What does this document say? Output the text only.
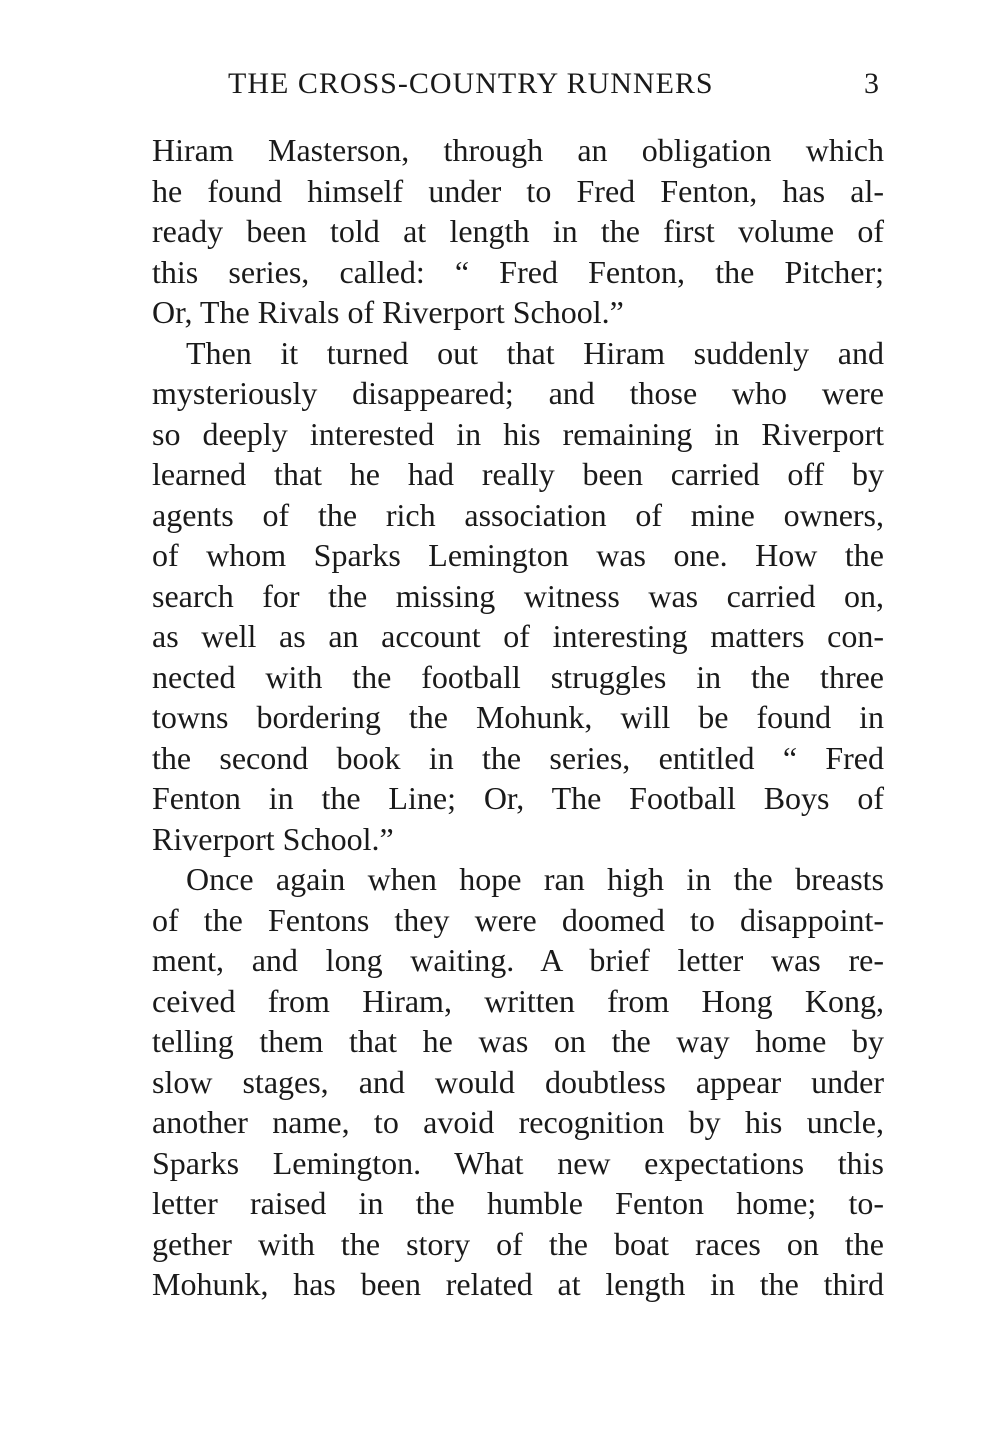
THE CROSS-COUNTRY RUNNERS	3
Hiram Masterson, through an obligation which
he found himself under to Fred Fenton, has al-
ready been told at length in the first volume of
this series, called: “ Fred Fenton, the Pitcher;
Or, The Rivals of Riverport School.”
Then it turned out that Hiram suddenly and
mysteriously disappeared; and those who were
so deeply interested in his remaining in Riverport
learned that he had really been carried off by
agents of the rich association of mine owners,
of whom Sparks Lemington was one. How the
search for the missing witness was carried on,
as well as an account of interesting matters con-
nected with the football struggles in the three
towns bordering the Mohunk, will be found in
the second book in the series, entitled “ Fred
Fenton in the Line; Or, The Football Boys of
Riverport School.”
Once again when hope ran high in the breasts
of the Fentons they were doomed to disappoint-
ment, and long waiting. A brief letter was re-
ceived from Hiram, written from Hong Kong,
telling them that he was on the way home by
slow stages, and would doubtless appear under
another name, to avoid recognition by his uncle,
Sparks Lemington. What new expectations this
letter raised in the humble Fenton home; to-
gether with the story of the boat races on the
Mohunk, has been related at length in the third
